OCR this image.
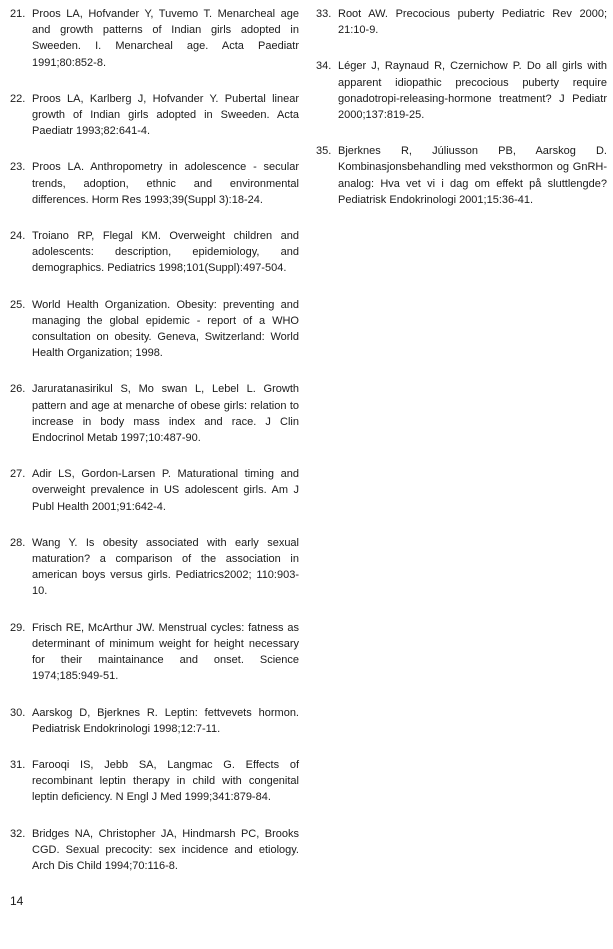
21. Proos LA, Hofvander Y, Tuvemo T. Menarcheal age and growth patterns of Indian girls adopted in Sweeden. I. Menarcheal age. Acta Paediatr 1991;80:852-8.
22. Proos LA, Karlberg J, Hofvander Y. Pubertal linear growth of Indian girls adopted in Sweeden. Acta Paediatr 1993;82:641-4.
23. Proos LA. Anthropometry in adolescence - secular trends, adoption, ethnic and environmental differences. Horm Res 1993;39(Suppl 3):18-24.
24. Troiano RP, Flegal KM. Overweight children and adolescents: description, epidemiology, and demographics. Pediatrics 1998;101(Suppl):497-504.
25. World Health Organization. Obesity: preventing and managing the global epidemic - report of a WHO consultation on obesity. Geneva, Switzerland: World Health Organization; 1998.
26. Jaruratanasirikul S, Mo swan L, Lebel L. Growth pattern and age at menarche of obese girls: relation to increase in body mass index and race. J Clin Endocrinol Metab 1997;10:487-90.
27. Adir LS, Gordon-Larsen P. Maturational timing and overweight prevalence in US adolescent girls. Am J Publ Health 2001;91:642-4.
28. Wang Y. Is obesity associated with early sexual maturation? a comparison of the association in american boys versus girls. Pediatrics2002; 110:903-10.
29. Frisch RE, McArthur JW. Menstrual cycles: fatness as determinant of minimum weight for height necessary for their maintainance and onset. Science 1974;185:949-51.
30. Aarskog D, Bjerknes R. Leptin: fettvevets hormon. Pediatrisk Endokrinologi 1998;12:7-11.
31. Farooqi IS, Jebb SA, Langmac G. Effects of recombinant leptin therapy in child with congenital leptin deficiency. N Engl J Med 1999;341:879-84.
32. Bridges NA, Christopher JA, Hindmarsh PC, Brooks CGD. Sexual precocity: sex incidence and etiology. Arch Dis Child 1994;70:116-8.
33. Root AW. Precocious puberty Pediatric Rev 2000; 21:10-9.
34. Léger J, Raynaud R, Czernichow P. Do all girls with apparent idiopathic precocious puberty require gonadotropi-releasing-hormone treatment? J Pediatr 2000;137:819-25.
35. Bjerknes R, Júliusson PB, Aarskog D. Kombinasjonsbehandling med veksthormon og GnRH-analog: Hva vet vi i dag om effekt på sluttlengde? Pediatrisk Endokrinologi 2001;15:36-41.
14
